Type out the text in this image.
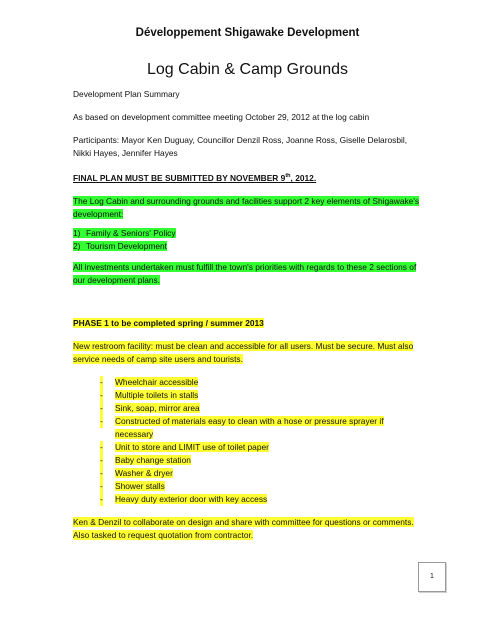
Développement Shigawake Development
Log Cabin & Camp Grounds

Development Plan Summary

As based on development committee meeting October 29, 2012 at the log cabin

Participants: Mayor Ken Duguay, Councillor Denzil Ross, Joanne Ross, Giselle Delarosbil, Nikki Hayes, Jennifer Hayes

FINAL PLAN MUST BE SUBMITTED BY NOVEMBER 9th, 2012.

The Log Cabin and surrounding grounds and facilities support 2 key elements of Shigawake's development:

1) Family & Seniors' Policy
2) Tourism Development

All investments undertaken must fulfill the town's priorities with regards to these 2 sections of our development plans.

PHASE 1 to be completed spring / summer 2013

New restroom facility: must be clean and accessible for all users. Must be secure. Must also service needs of camp site users and tourists.

- Wheelchair accessible
- Multiple toilets in stalls
- Sink, soap, mirror area
- Constructed of materials easy to clean with a hose or pressure sprayer if necessary
- Unit to store and LIMIT use of toilet paper
- Baby change station
- Washer & dryer
- Shower stalls
- Heavy duty exterior door with key access

Ken & Denzil to collaborate on design and share with committee for questions or comments. Also tasked to request quotation from contractor.

1
